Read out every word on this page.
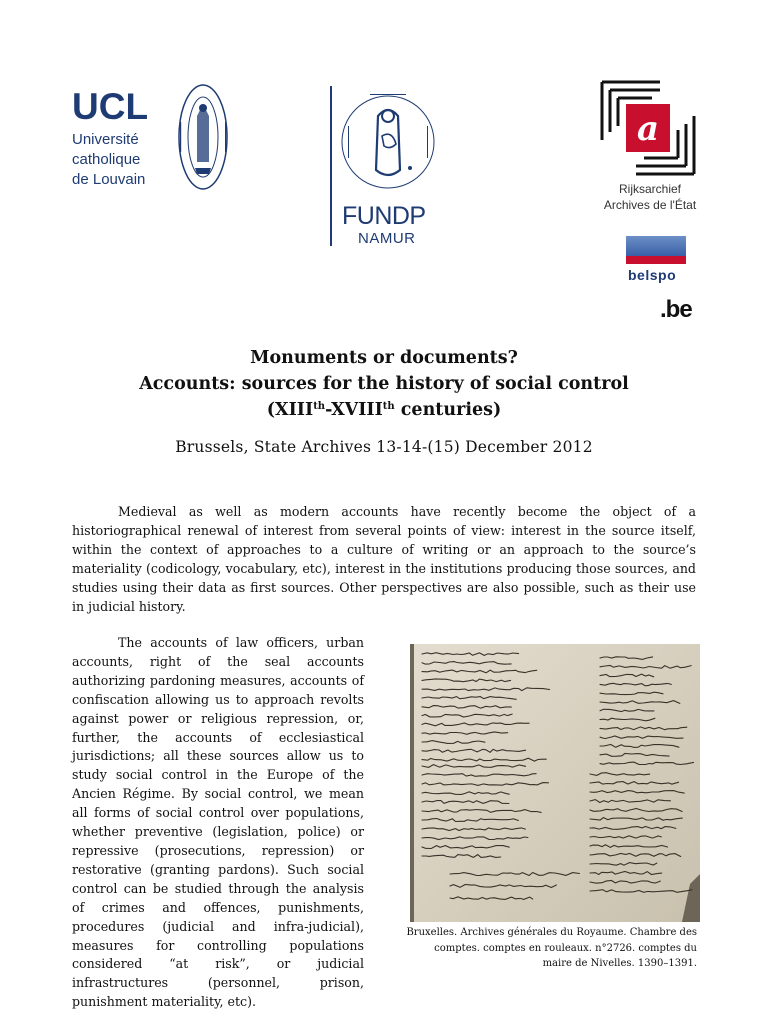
UCL
Université
catholique
de Louvain
FUNDP
NAMUR
a
Rijksarchief
Archives de l'État
belspo
.be
Monuments or documents?
Accounts: sources for the history of social control
(XIIIth-XVIIIth centuries)
Brussels, State Archives 13-14-(15) December 2012
Medieval as well as modern accounts have recently become the object of a historiographical renewal of interest from several points of view: interest in the source itself, within the context of approaches to a culture of writing or an approach to the source’s materiality (codicology, vocabulary, etc), interest in the institutions producing those sources, and studies using their data as first sources. Other perspectives are also possible, such as their use in judicial history.
The accounts of law officers, urban accounts, right of the seal accounts authorizing pardoning measures, accounts of confiscation allowing us to approach revolts against power or religious repression, or, further, the accounts of ecclesiastical jurisdictions; all these sources allow us to study social control in the Europe of the Ancien Régime. By social control, we mean all forms of social control over populations, whether preventive (legislation, police) or repressive (prosecutions, repression) or restorative (granting pardons). Such social control can be studied through the analysis of crimes and offences, punishments, procedures (judicial and infra-judicial), measures for controlling populations considered “at risk”, or judicial infrastructures (personnel, prison, punishment materiality, etc).
Bruxelles. Archives générales du Royaume. Chambre des comptes. comptes en rouleaux. n°2726. comptes du maire de Nivelles. 1390–1391.
